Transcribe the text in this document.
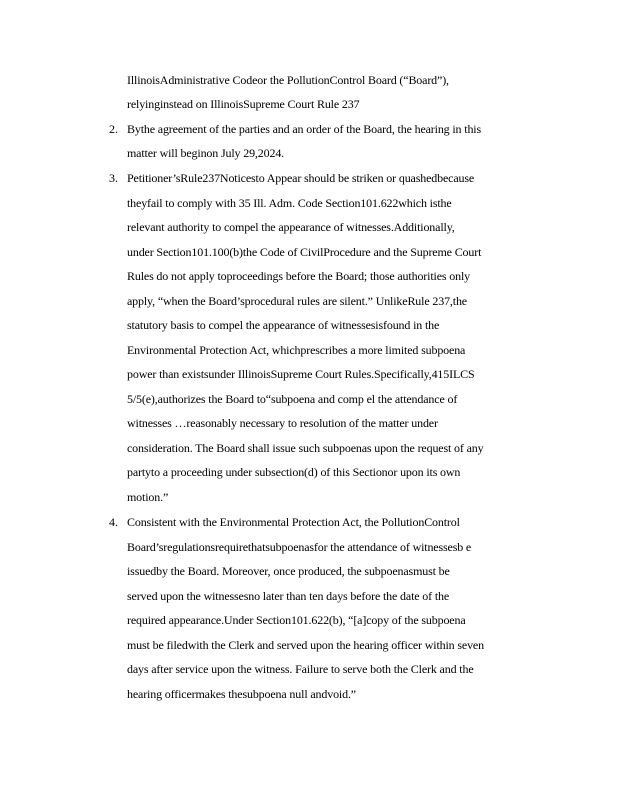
IllinoisAdministrative Codeor the PollutionControl Board (“Board”),
relyinginstead on IllinoisSupreme Court Rule 237
2. Bythe agreement of the parties and an order of the Board, the hearing in this
matter will beginon July 29,2024.
3. Petitioner’sRule237Noticesto Appear should be striken or quashedbecause
theyfail to comply with 35 Ill. Adm. Code Section101.622which isthe
relevant authority to compel the appearance of witnesses.Additionally,
under Section101.100(b)the Code of CivilProcedure and the Supreme Court
Rules do not apply toproceedings before the Board; those authorities only
apply, “when the Board’sprocedural rules are silent.” UnlikeRule 237,the
statutory basis to compel the appearance of witnessesisfound in the
Environmental Protection Act, whichprescribes a more limited subpoena
power than existsunder IllinoisSupreme Court Rules.Specifically,415ILCS
5/5(e),authorizes the Board to“subpoena and comp el the attendance of
witnesses …reasonably necessary to resolution of the matter under
consideration. The Board shall issue such subpoenas upon the request of any
partyto a proceeding under subsection(d) of this Sectionor upon its own
motion.”
4. Consistent with the Environmental Protection Act, the PollutionControl
Board’sregulationsrequirethatsubpoenasfor the attendance of witnessesb e
issuedby the Board. Moreover, once produced, the subpoenasmust be
served upon the witnessesno later than ten days before the date of the
required appearance.Under Section101.622(b), “[a]copy of the subpoena
must be filedwith the Clerk and served upon the hearing officer within seven
days after service upon the witness. Failure to serve both the Clerk and the
hearing officermakes thesubpoena null andvoid.”
